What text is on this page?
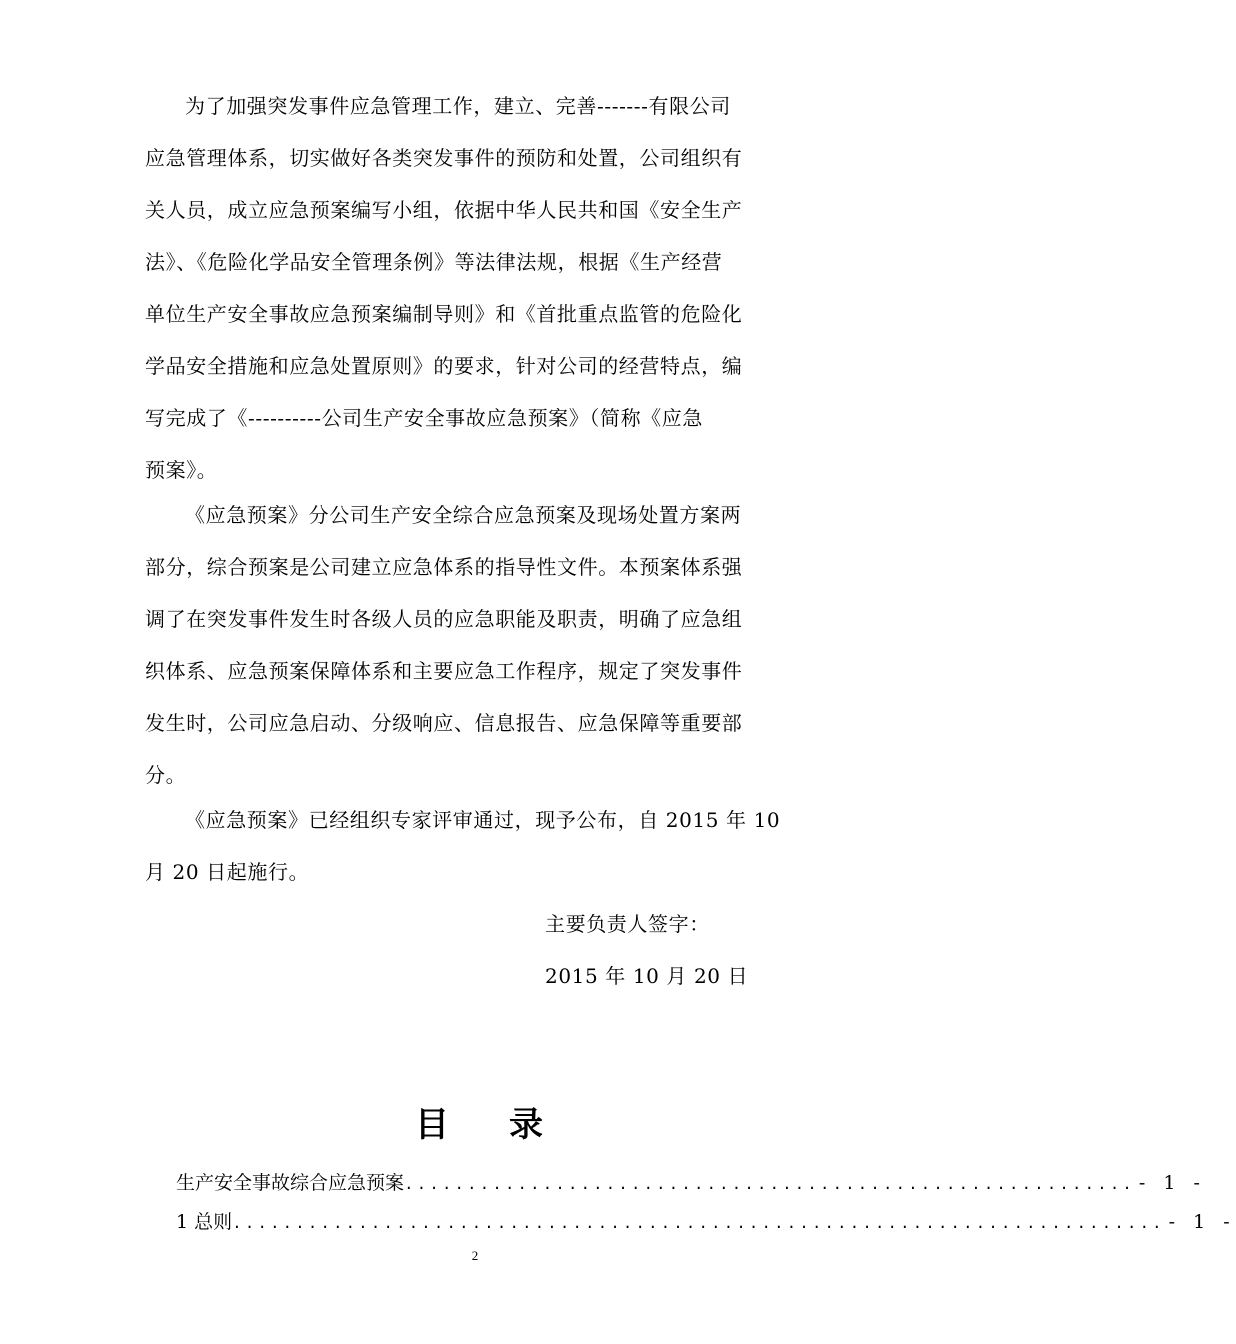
为了加强突发事件应急管理工作，建立、完善-------有限公司
应急管理体系，切实做好各类突发事件的预防和处置，公司组织有
关人员，成立应急预案编写小组，依据中华人民共和国《安全生产
法》、《危险化学品安全管理条例》等法律法规，根据《生产经营
单位生产安全事故应急预案编制导则》和《首批重点监管的危险化
学品安全措施和应急处置原则》的要求，针对公司的经营特点，编
写完成了《----------公司生产安全事故应急预案》（简称《应急
预案》。
《应急预案》分公司生产安全综合应急预案及现场处置方案两
部分，综合预案是公司建立应急体系的指导性文件。本预案体系强
调了在突发事件发生时各级人员的应急职能及职责，明确了应急组
织体系、应急预案保障体系和主要应急工作程序，规定了突发事件
发生时，公司应急启动、分级响应、信息报告、应急保障等重要部
分。
《应急预案》已经组织专家评审通过，现予公布，自 2015 年 10
月 20 日起施行。
主要负责人签字：
2015 年 10 月 20 日
目录
生产安全事故综合应急预案 .......................................................... - 1 -
1 总则 .......................................................................... - 1 -
2
